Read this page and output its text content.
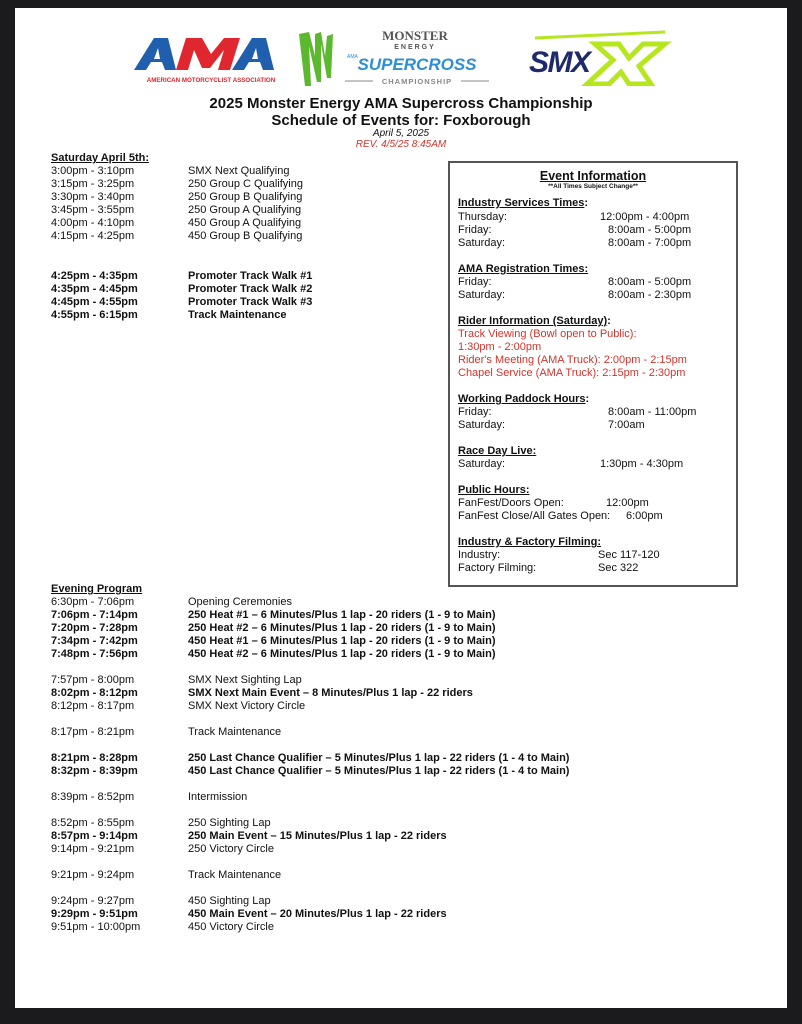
AMERICAN MOTORCYCLIST ASSOCIATION
MONSTER
ENERGY
AMA SUPERCROSS
CHAMPIONSHIP
SMX
2025 Monster Energy AMA Supercross Championship
Schedule of Events for: Foxborough
April 5, 2025
REV. 4/5/25 8:45AM
Saturday April 5th:
3:00pm - 3:10pm	SMX Next Qualifying
3:15pm - 3:25pm	250 Group C Qualifying
3:30pm - 3:40pm	250 Group B Qualifying
3:45pm - 3:55pm	250 Group A Qualifying
4:00pm - 4:10pm	450 Group A Qualifying
4:15pm - 4:25pm	450 Group B Qualifying
4:25pm - 4:35pm	Promoter Track Walk #1
4:35pm - 4:45pm	Promoter Track Walk #2
4:45pm - 4:55pm	Promoter Track Walk #3
4:55pm - 6:15pm	Track Maintenance
Evening Program
6:30pm - 7:06pm	Opening Ceremonies
7:06pm - 7:14pm	250 Heat #1 – 6 Minutes/Plus 1 lap - 20 riders (1 - 9 to Main)
7:20pm - 7:28pm	250 Heat #2 – 6 Minutes/Plus 1 lap - 20 riders (1 - 9 to Main)
7:34pm - 7:42pm	450 Heat #1 – 6 Minutes/Plus 1 lap - 20 riders (1 - 9 to Main)
7:48pm - 7:56pm	450 Heat #2 – 6 Minutes/Plus 1 lap - 20 riders (1 - 9 to Main)
7:57pm - 8:00pm	SMX Next Sighting Lap
8:02pm - 8:12pm	SMX Next Main Event – 8 Minutes/Plus 1 lap - 22 riders
8:12pm - 8:17pm	SMX Next Victory Circle
8:17pm - 8:21pm	Track Maintenance
8:21pm - 8:28pm	250 Last Chance Qualifier – 5 Minutes/Plus 1 lap - 22 riders (1 - 4 to Main)
8:32pm - 8:39pm	450 Last Chance Qualifier – 5 Minutes/Plus 1 lap - 22 riders (1 - 4 to Main)
8:39pm - 8:52pm	Intermission
8:52pm - 8:55pm	250 Sighting Lap
8:57pm - 9:14pm	250 Main Event – 15 Minutes/Plus 1 lap - 22 riders
9:14pm - 9:21pm	250 Victory Circle
9:21pm - 9:24pm	Track Maintenance
9:24pm - 9:27pm	450 Sighting Lap
9:29pm - 9:51pm	450 Main Event – 20 Minutes/Plus 1 lap - 22 riders
9:51pm - 10:00pm	450 Victory Circle
Event Information
**All Times Subject Change**
Industry Services Times:
Thursday:	12:00pm - 4:00pm
Friday:	8:00am - 5:00pm
Saturday:	8:00am - 7:00pm
AMA Registration Times:
Friday:	8:00am - 5:00pm
Saturday:	8:00am - 2:30pm
Rider Information (Saturday):
Track Viewing (Bowl open to Public):
1:30pm - 2:00pm
Rider's Meeting (AMA Truck): 2:00pm - 2:15pm
Chapel Service (AMA Truck): 2:15pm - 2:30pm
Working Paddock Hours:
Friday:	8:00am - 11:00pm
Saturday:	7:00am
Race Day Live:
Saturday:	1:30pm - 4:30pm
Public Hours:
FanFest/Doors Open:	12:00pm
FanFest Close/All Gates Open: 6:00pm
Industry & Factory Filming:
Industry:	Sec 117-120
Factory Filming:	Sec 322
